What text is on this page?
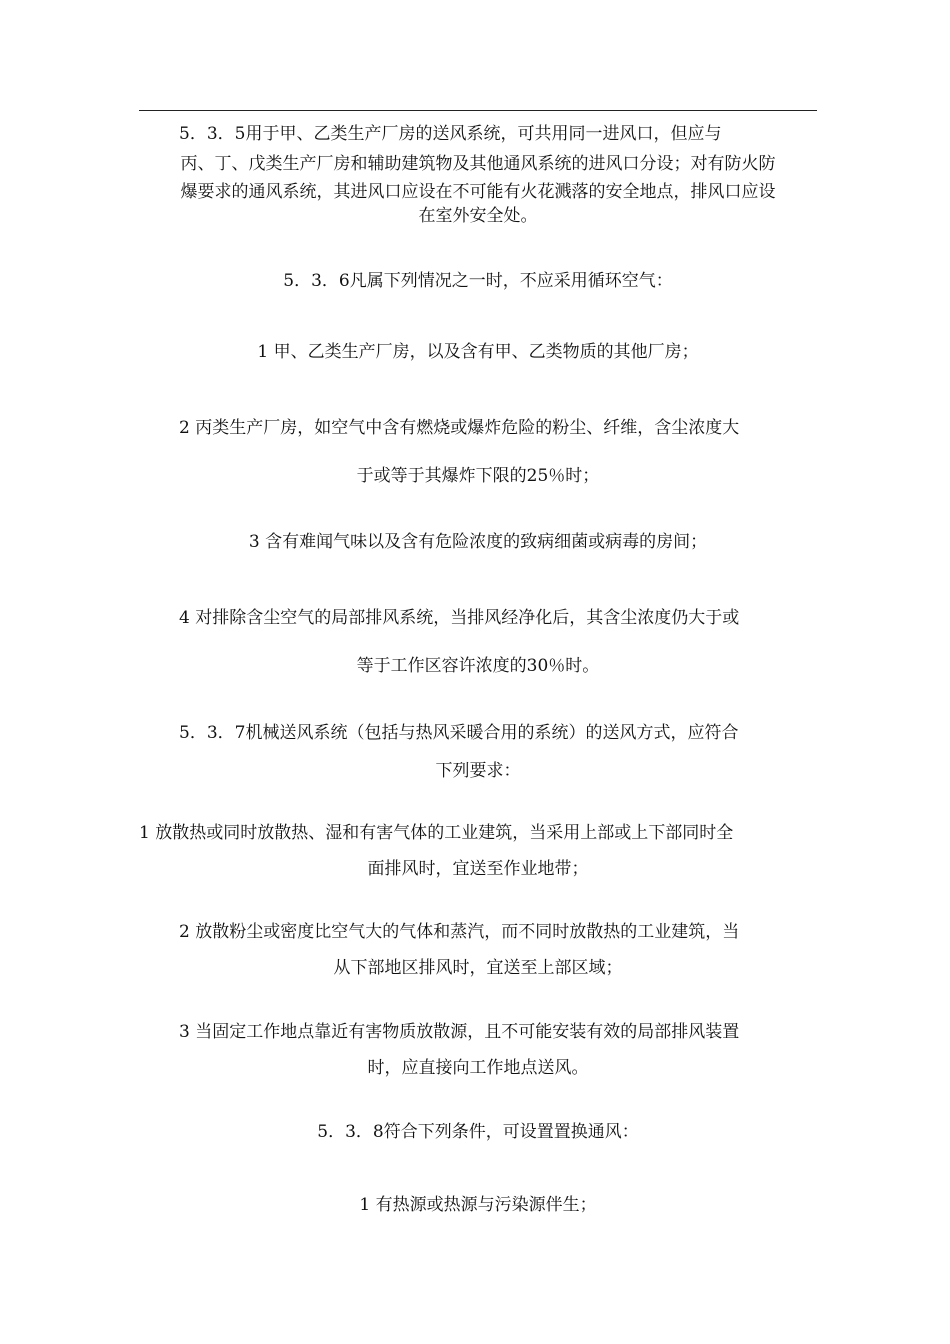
5．3．5用于甲、乙类生产厂房的送风系统，可共用同一进风口，但应与
丙、丁、戊类生产厂房和辅助建筑物及其他通风系统的进风口分设；对有防火防
爆要求的通风系统，其进风口应设在不可能有火花溅落的安全地点，排风口应设
在室外安全处。
5．3．6凡属下列情况之一时，不应采用循环空气：
1 甲、乙类生产厂房，以及含有甲、乙类物质的其他厂房；
2 丙类生产厂房，如空气中含有燃烧或爆炸危险的粉尘、纤维，含尘浓度大
于或等于其爆炸下限的25％时；
3 含有难闻气味以及含有危险浓度的致病细菌或病毒的房间；
4 对排除含尘空气的局部排风系统，当排风经净化后，其含尘浓度仍大于或
等于工作区容许浓度的30％时。
5．3．7机械送风系统（包括与热风采暖合用的系统）的送风方式，应符合
下列要求：
1 放散热或同时放散热、湿和有害气体的工业建筑，当采用上部或上下部同时全
面排风时，宜送至作业地带；
2 放散粉尘或密度比空气大的气体和蒸汽，而不同时放散热的工业建筑，当
从下部地区排风时，宜送至上部区域；
3 当固定工作地点靠近有害物质放散源，且不可能安装有效的局部排风装置
时，应直接向工作地点送风。
5．3．8符合下列条件，可设置置换通风：
1 有热源或热源与污染源伴生；
